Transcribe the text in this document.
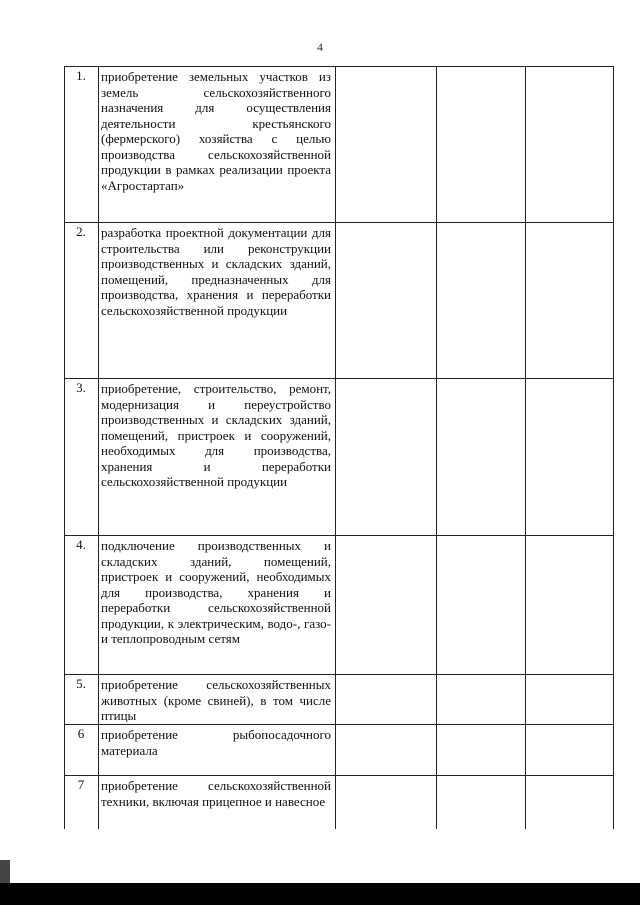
4
1.	приобретение земельных участков из земель сельскохозяйственного назначения для осуществления деятельности крестьянского (фермерского) хозяйства с целью производства сельскохозяйственной продукции в рамках реализации проекта «Агростартап»
2.	разработка проектной документации для строительства или реконструкции производственных и складских зданий, помещений, предназначенных для производства, хранения и переработки сельскохозяйственной продукции
3.	приобретение, строительство, ремонт, модернизация и переустройство производственных и складских зданий, помещений, пристроек и сооружений, необходимых для производства, хранения и переработки сельскохозяйственной продукции
4.	подключение производственных и складских зданий, помещений, пристроек и сооружений, необходимых для производства, хранения и переработки сельскохозяйственной продукции, к электрическим, водо-, газо- и теплопроводным сетям
5.	приобретение сельскохозяйственных животных (кроме свиней), в том числе птицы
6	приобретение рыбопосадочного материала
7	приобретение сельскохозяйственной техники, включая прицепное и навесное
